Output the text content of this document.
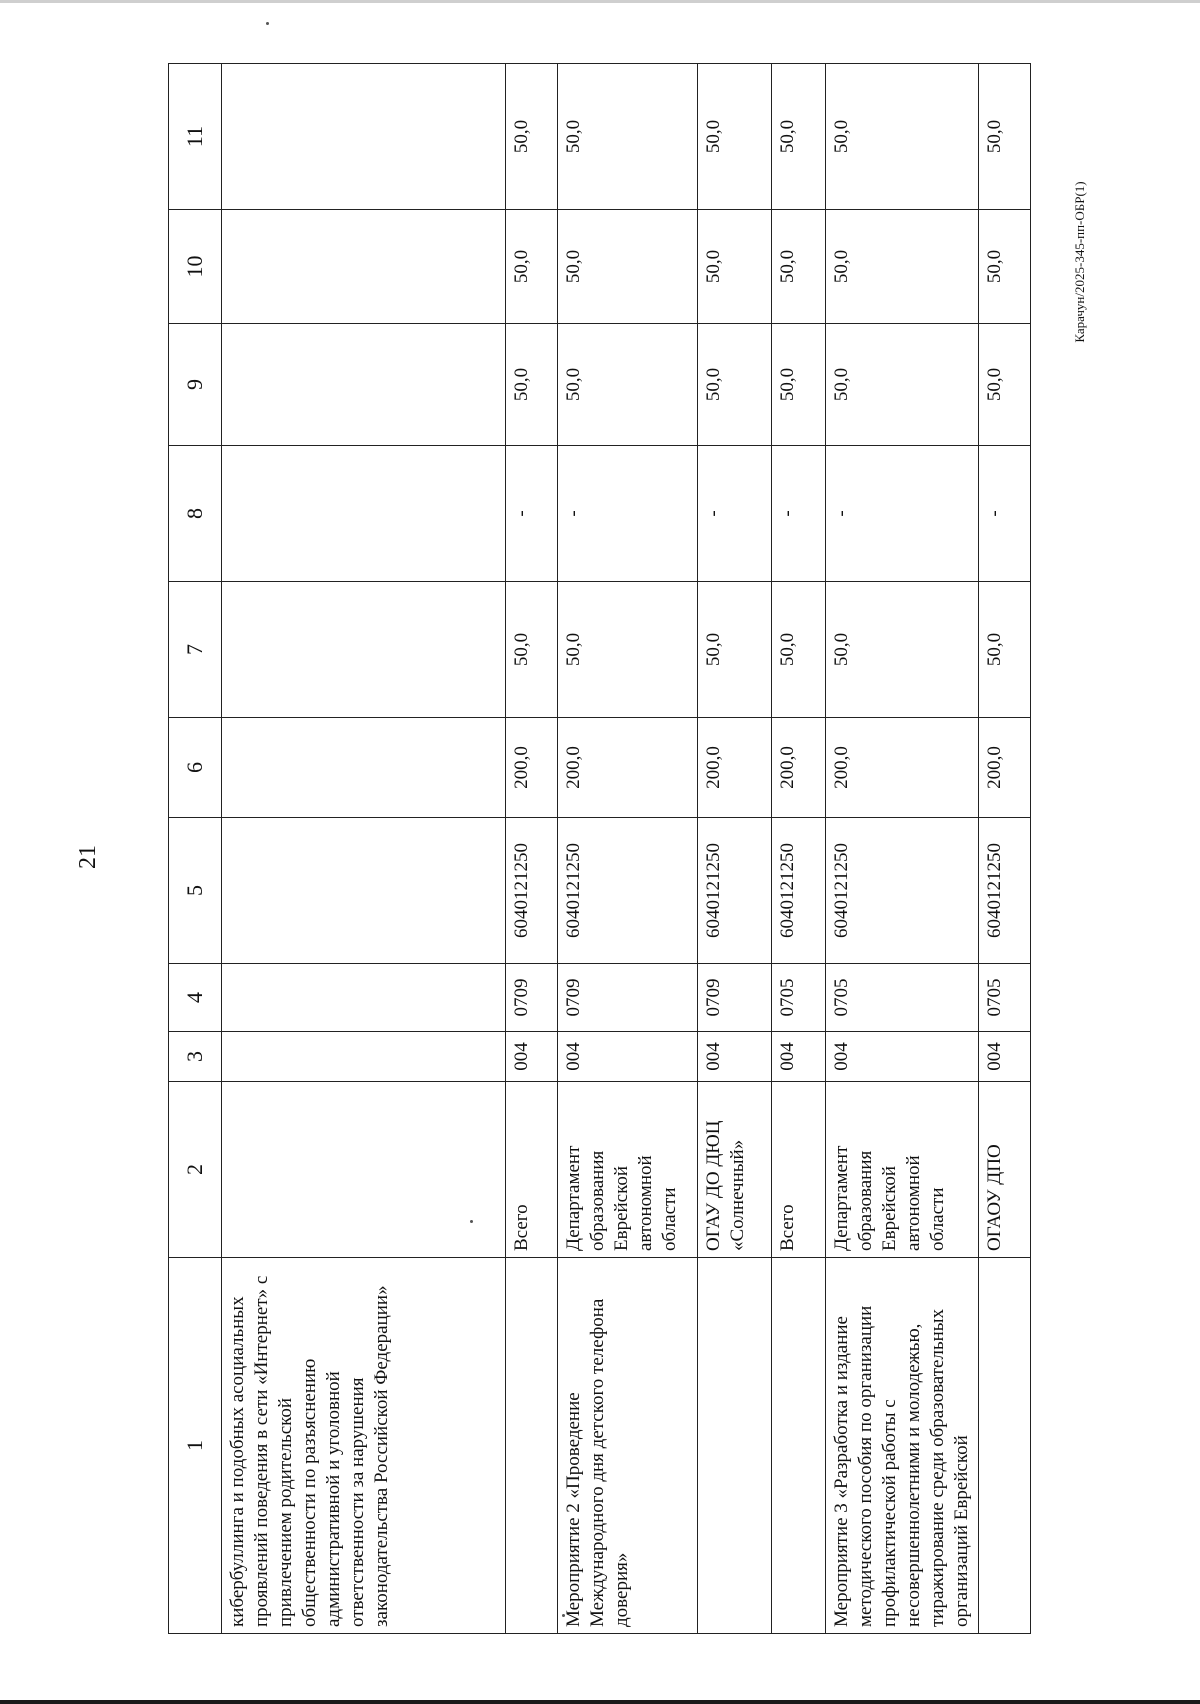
21
Карачун/2025-345-пп-ОБР(1)
1	2	3	4	5	6	7	8	9	10	11
кибербуллинга и подобных асоциальных проявлений поведения в сети «Интернет» с привлечением родительской общественности по разъяснению административной и уголовной ответственности за нарушения законодательства Российской Федерации»										
	Всего	004	0709	6040121250	200,0	50,0	-	50,0	50,0	50,0
Мероприятие 2 «Проведение Международного дня детского телефона доверия»	Департамент образования Еврейской автономной области	004	0709	6040121250	200,0	50,0	-	50,0	50,0	50,0
	ОГАУ ДО ДЮЦ «Солнечный»	004	0709	6040121250	200,0	50,0	-	50,0	50,0	50,0
	Всего	004	0705	6040121250	200,0	50,0	-	50,0	50,0	50,0
Мероприятие 3 «Разработка и издание методического пособия по организации профилактической работы с несовершеннолетними и молодежью, тиражирование среди образовательных организаций Еврейской	Департамент образования Еврейской автономной области	004	0705	6040121250	200,0	50,0	-	50,0	50,0	50,0
	ОГАОУ ДПО	004	0705	6040121250	200,0	50,0	-	50,0	50,0	50,0
